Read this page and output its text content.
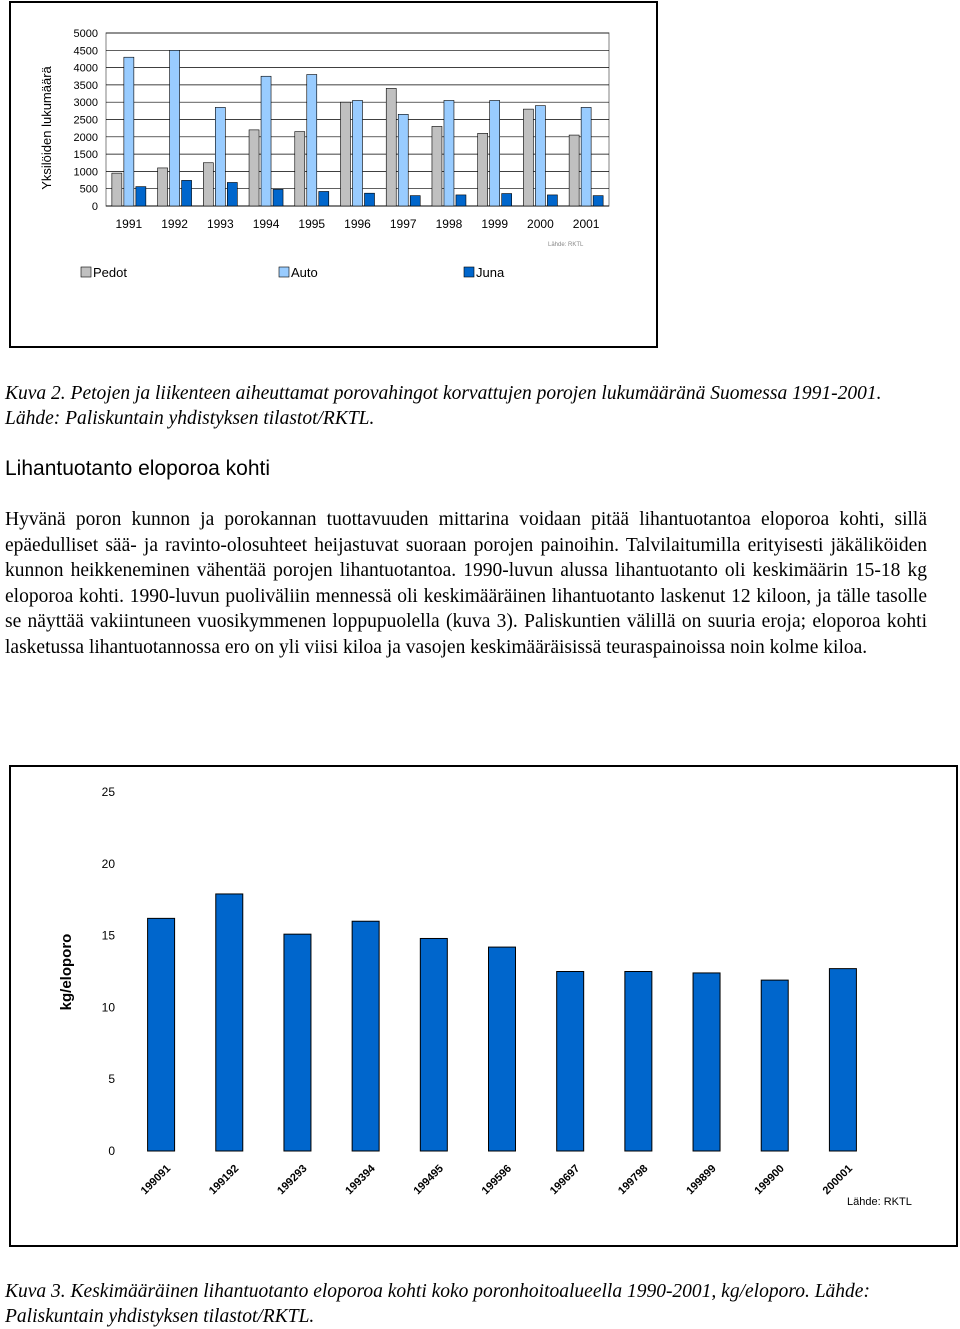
Yksilöiden lukumäärä
Lähde: RKTL
0
500
1000
1500
2000
2500
3000
3500
4000
4500
5000
1991 1992 1993 1994 1995 1996 1997 1998 1999 2000 2001
Pedot	Auto	Juna

Kuva 2. Petojen ja liikenteen aiheuttamat porovahingot korvattujen porojen lukumääränä Suomessa 1991-2001. Lähde: Paliskuntain yhdistyksen tilastot/RKTL.

Lihantuotanto eloporoa kohti

Hyvänä poron kunnon ja porokannan tuottavuuden mittarina voidaan pitää lihantuotantoa eloporoa kohti, sillä epäedulliset sää- ja ravinto-olosuhteet heijastuvat suoraan porojen painoihin. Talvilaitumilla erityisesti jäkäliköiden kunnon heikkeneminen vähentää porojen lihantuotantoa. 1990-luvun alussa lihantuotanto oli keskimäärin 15-18 kg eloporoa kohti. 1990-luvun puoliväliin mennessä oli keskimääräinen lihantuotanto laskenut 12 kiloon, ja tälle tasolle se näyttää vakiintuneen vuosikymmenen loppupuolella (kuva 3). Paliskuntien välillä on suuria eroja; eloporoa kohti lasketussa lihantuotannossa ero on yli viisi kiloa ja vasojen keskimääräisissä teuraspainoissa noin kolme kiloa.

kg/eloporo
Lähde: RKTL
0
5
10
15
20
25
199091	199192	199293	199394	199495	199596	199697	199798	199899	199900	200001

Kuva 3. Keskimääräinen lihantuotanto eloporoa kohti koko poronhoitoalueella 1990-2001, kg/eloporo. Lähde: Paliskuntain yhdistyksen tilastot/RKTL.
